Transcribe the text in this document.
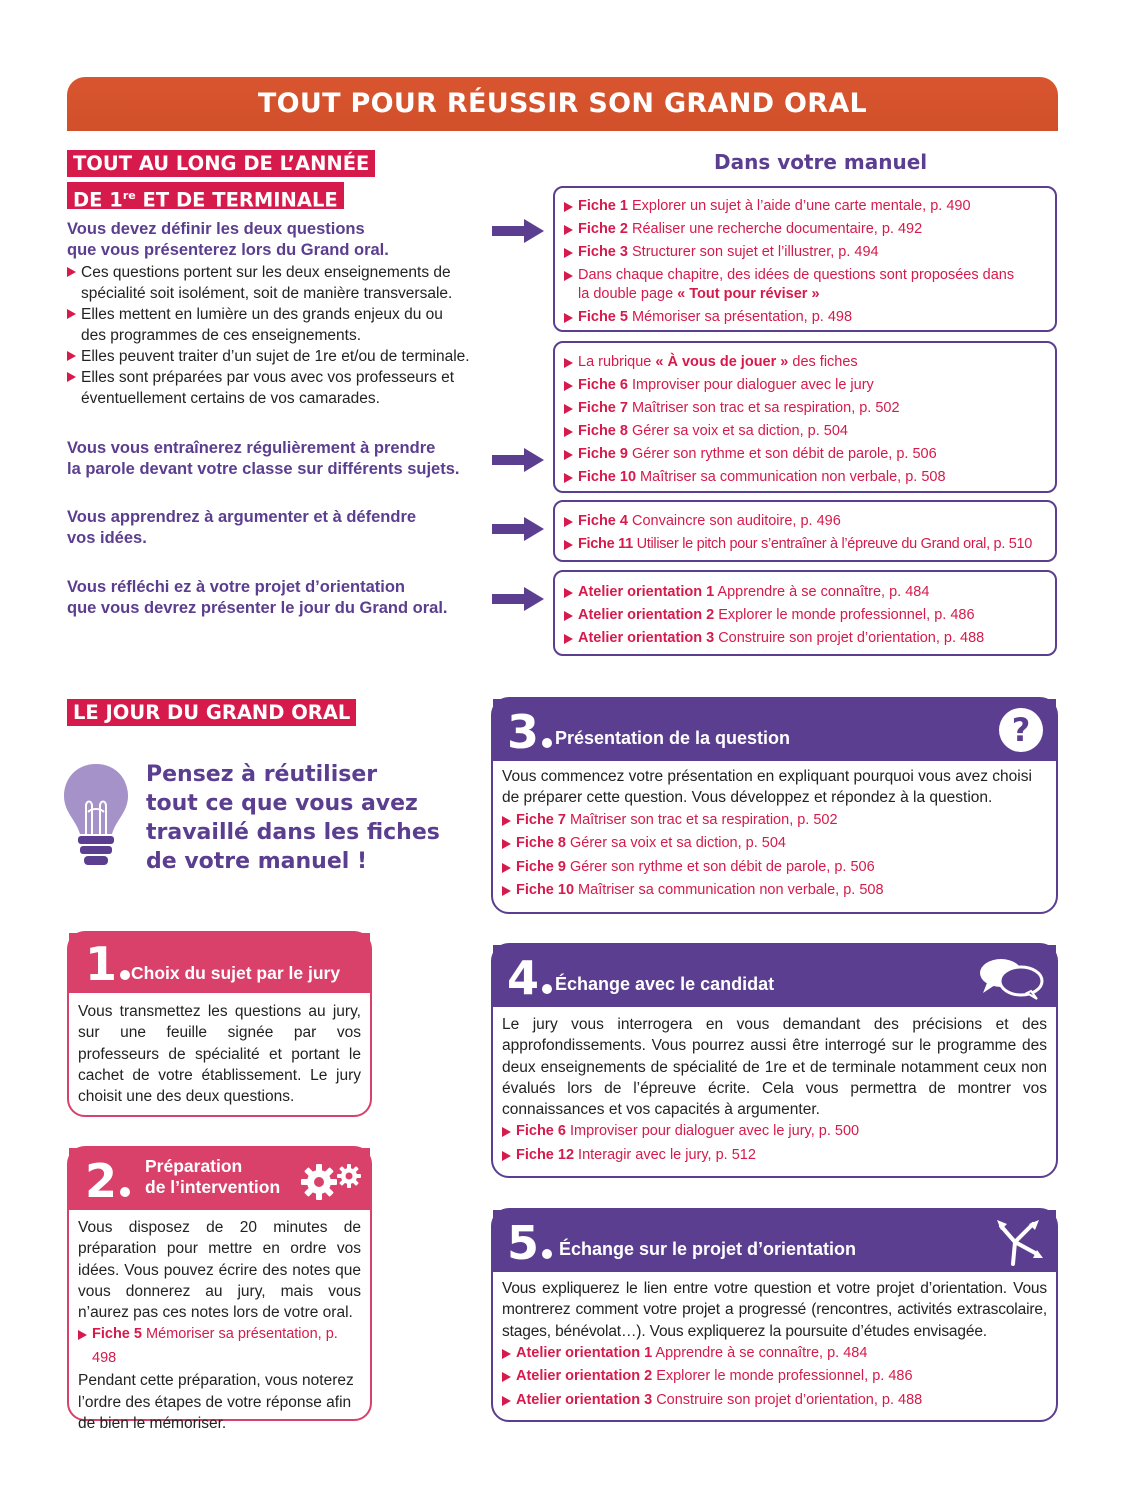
TOUT POUR RÉUSSIR SON GRAND ORAL
TOUT AU LONG DE L’ANNÉE
DE 1re ET DE TERMINALE
Dans votre manuel
Vous devez définir les deux questions
que vous présenterez lors du Grand oral.
Ces questions portent sur les deux enseignements de
spécialité soit isolément, soit de manière transversale.
Elles mettent en lumière un des grands enjeux du ou
des programmes de ces enseignements.
Elles peuvent traiter d’un sujet de 1re et/ou de terminale.
Elles sont préparées par vous avec vos professeurs et
éventuellement certains de vos camarades.
Vous vous entraînerez régulièrement à prendre
la parole devant votre classe sur différents sujets.
Vous apprendrez à argumenter et à défendre
vos idées.
Vous réfléchi ez à votre projet d’orientation
que vous devrez présenter le jour du Grand oral.
Fiche 1 Explorer un sujet à l’aide d’une carte mentale, p. 490
Fiche 2 Réaliser une recherche documentaire, p. 492
Fiche 3 Structurer son sujet et l’illustrer, p. 494
Dans chaque chapitre, des idées de questions sont proposées dans
la double page « Tout pour réviser »
Fiche 5 Mémoriser sa présentation, p. 498
La rubrique « À vous de jouer » des fiches
Fiche 6 Improviser pour dialoguer avec le jury
Fiche 7 Maîtriser son trac et sa respiration, p. 502
Fiche 8 Gérer sa voix et sa diction, p. 504
Fiche 9 Gérer son rythme et son débit de parole, p. 506
Fiche 10 Maîtriser sa communication non verbale, p. 508
Fiche 4 Convaincre son auditoire, p. 496
Fiche 11 Utiliser le pitch pour s’entraîner à l’épreuve du Grand oral, p. 510
Atelier orientation 1 Apprendre à se connaître, p. 484
Atelier orientation 2 Explorer le monde professionnel, p. 486
Atelier orientation 3 Construire son projet d’orientation, p. 488
LE JOUR DU GRAND ORAL
Pensez à réutiliser
tout ce que vous avez
travaillé dans les fiches
de votre manuel !
1 Choix du sujet par le jury
Vous transmettez les questions au jury, sur une feuille signée par vos professeurs de spécialité et portant le cachet de votre établissement. Le jury choisit une des deux questions.
2	Préparation
de l’intervention
Vous disposez de 20 minutes de préparation pour mettre en ordre vos idées. Vous pouvez écrire des notes que vous donnerez au jury, mais vous n’aurez pas ces notes lors de votre oral.
Fiche 5 Mémoriser sa présentation, p. 498
Pendant cette préparation, vous noterez l’ordre des étapes de votre réponse afin de bien le mémoriser.
3 Présentation de la question	?
Vous commencez votre présentation en expliquant pourquoi vous avez choisi de préparer cette question. Vous développez et répondez à la question.
Fiche 7 Maîtriser son trac et sa respiration, p. 502
Fiche 8 Gérer sa voix et sa diction, p. 504
Fiche 9 Gérer son rythme et son débit de parole, p. 506
Fiche 10 Maîtriser sa communication non verbale, p. 508
4 Échange avec le candidat
Le jury vous interrogera en vous demandant des précisions et des approfondissements. Vous pourrez aussi être interrogé sur le programme des deux enseignements de spécialité de 1re et de terminale notamment ceux non évalués lors de l’épreuve écrite. Cela vous permettra de montrer vos connaissances et vos capacités à argumenter.
Fiche 6 Improviser pour dialoguer avec le jury, p. 500
Fiche 12 Interagir avec le jury, p. 512
5	Échange sur le projet d’orientation
Vous expliquerez le lien entre votre question et votre projet d’orientation. Vous montrerez comment votre projet a progressé (rencontres, activités extrascolaire, stages, bénévolat…). Vous expliquerez la poursuite d’études envisagée.
Atelier orientation 1 Apprendre à se connaître, p. 484
Atelier orientation 2 Explorer le monde professionnel, p. 486
Atelier orientation 3 Construire son projet d’orientation, p. 488
